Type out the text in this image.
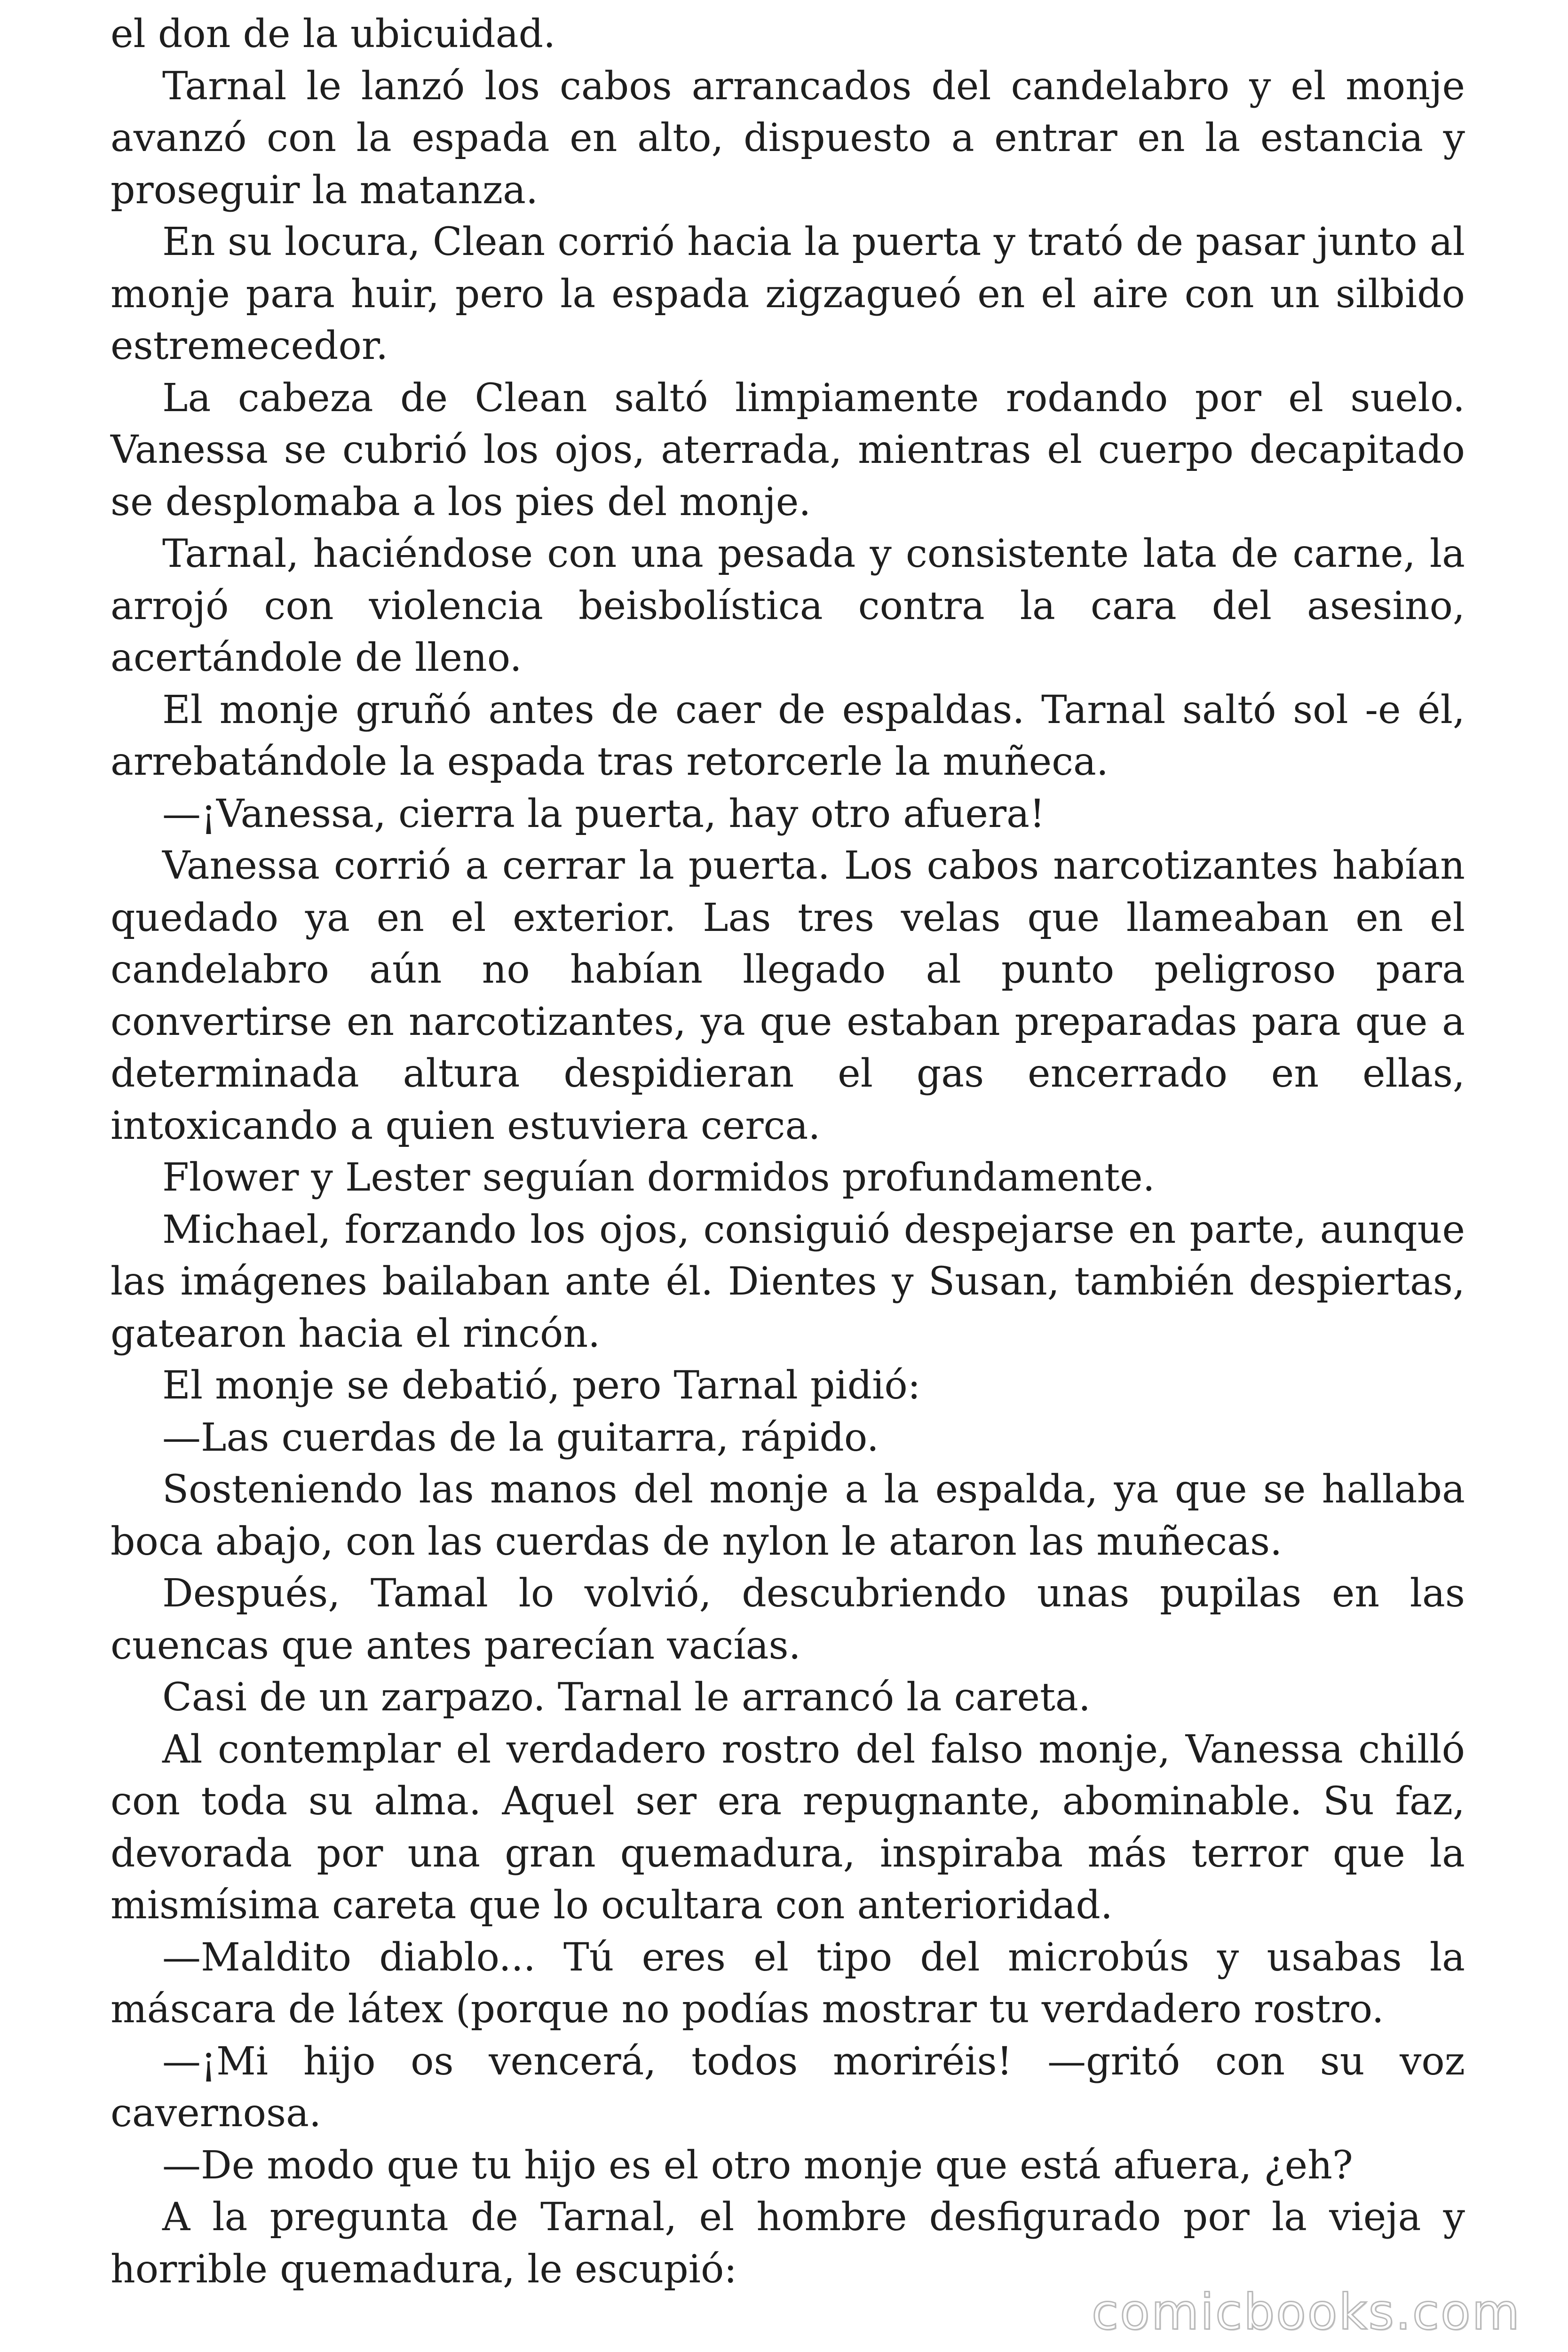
el don de la ubicuidad.

Tarnal le lanzó los cabos arrancados del candelabro y el monje avanzó con la espada en alto, dispuesto a entrar en la estancia y proseguir la matanza.

En su locura, Clean corrió hacia la puerta y trató de pasar junto al monje para huir, pero la espada zigzagueó en el aire con un silbido estremecedor.

La cabeza de Clean saltó limpiamente rodando por el suelo. Vanessa se cubrió los ojos, aterrada, mientras el cuerpo decapitado se desplomaba a los pies del monje.

Tarnal, haciéndose con una pesada y consistente lata de carne, la arrojó con violencia beisbolística contra la cara del asesino, acertándole de lleno.

El monje gruñó antes de caer de espaldas. Tarnal saltó sol -e él, arrebatándole la espada tras retorcerle la muñeca.

—¡Vanessa, cierra la puerta, hay otro afuera!

Vanessa corrió a cerrar la puerta. Los cabos narcotizantes habían quedado ya en el exterior. Las tres velas que llameaban en el candelabro aún no habían llegado al punto peligroso para convertirse en narcotizantes, ya que estaban preparadas para que a determinada altura despidieran el gas encerrado en ellas, intoxicando a quien estuviera cerca.

Flower y Lester seguían dormidos profundamente.

Michael, forzando los ojos, consiguió despejarse en parte, aunque las imágenes bailaban ante él. Dientes y Susan, también despiertas, gatearon hacia el rincón.

El monje se debatió, pero Tarnal pidió:

—Las cuerdas de la guitarra, rápido.

Sosteniendo las manos del monje a la espalda, ya que se hallaba boca abajo, con las cuerdas de nylon le ataron las muñecas.

Después, Tamal lo volvió, descubriendo unas pupilas en las cuencas que antes parecían vacías.

Casi de un zarpazo. Tarnal le arrancó la careta.

Al contemplar el verdadero rostro del falso monje, Vanessa chilló con toda su alma. Aquel ser era repugnante, abominable. Su faz, devorada por una gran quemadura, inspiraba más terror que la mismísima careta que lo ocultara con anterioridad.

—Maldito diablo... Tú eres el tipo del microbús y usabas la máscara de látex (porque no podías mostrar tu verdadero rostro.

—¡Mi hijo os vencerá, todos moriréis! —gritó con su voz cavernosa.

—De modo que tu hijo es el otro monje que está afuera, ¿eh?

A la pregunta de Tarnal, el hombre desfigurado por la vieja y horrible quemadura, le escupió:

comicbooks.com
